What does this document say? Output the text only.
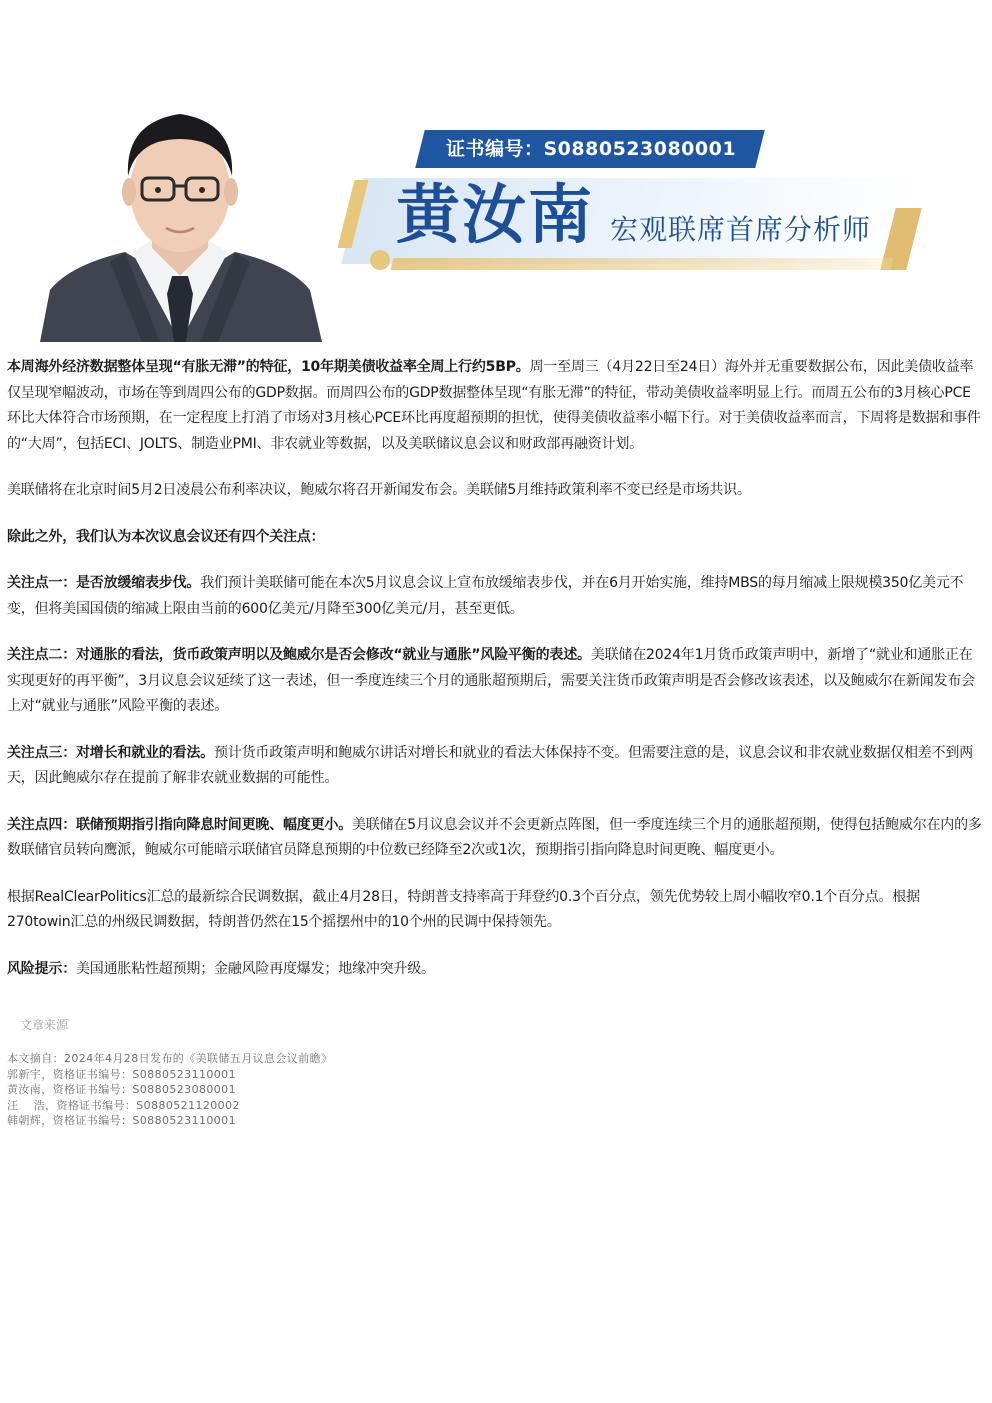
证书编号：S0880523080001
黄汝南 宏观联席首席分析师

本周海外经济数据整体呈现“有胀无滞”的特征，10年期美债收益率全周上行约5BP。周一至周三（4月22日至24日）海外并无重要数据公布，因此美债收益率仅呈现窄幅波动，市场在等到周四公布的GDP数据。而周四公布的GDP数据整体呈现“有胀无滞”的特征，带动美债收益率明显上行。而周五公布的3月核心PCE环比大体符合市场预期，在一定程度上打消了市场对3月核心PCE环比再度超预期的担忧，使得美债收益率小幅下行。对于美债收益率而言，下周将是数据和事件的“大周”，包括ECI、JOLTS、制造业PMI、非农就业等数据，以及美联储议息会议和财政部再融资计划。

美联储将在北京时间5月2日凌晨公布利率决议，鲍威尔将召开新闻发布会。美联储5月维持政策利率不变已经是市场共识。

除此之外，我们认为本次议息会议还有四个关注点：

关注点一：是否放缓缩表步伐。我们预计美联储可能在本次5月议息会议上宣布放缓缩表步伐，并在6月开始实施，维持MBS的每月缩减上限规模350亿美元不变，但将美国国债的缩减上限由当前的600亿美元/月降至300亿美元/月，甚至更低。

关注点二：对通胀的看法，货币政策声明以及鲍威尔是否会修改“就业与通胀”风险平衡的表述。美联储在2024年1月货币政策声明中，新增了“就业和通胀正在实现更好的再平衡”，3月议息会议延续了这一表述，但一季度连续三个月的通胀超预期后，需要关注货币政策声明是否会修改该表述，以及鲍威尔在新闻发布会上对“就业与通胀”风险平衡的表述。

关注点三：对增长和就业的看法。预计货币政策声明和鲍威尔讲话对增长和就业的看法大体保持不变。但需要注意的是，议息会议和非农就业数据仅相差不到两天，因此鲍威尔存在提前了解非农就业数据的可能性。

关注点四：联储预期指引指向降息时间更晚、幅度更小。美联储在5月议息会议并不会更新点阵图，但一季度连续三个月的通胀超预期，使得包括鲍威尔在内的多数联储官员转向鹰派，鲍威尔可能暗示联储官员降息预期的中位数已经降至2次或1次，预期指引指向降息时间更晚、幅度更小。

根据RealClearPolitics汇总的最新综合民调数据，截止4月28日，特朗普支持率高于拜登约0.3个百分点，领先优势较上周小幅收窄0.1个百分点。根据270towin汇总的州级民调数据，特朗普仍然在15个摇摆州中的10个州的民调中保持领先。

风险提示：美国通胀粘性超预期；金融风险再度爆发；地缘冲突升级。

文章来源
本文摘自：2024年4月28日发布的《美联储五月议息会议前瞻》
郭新宇，资格证书编号：S0880523110001
黄汝南，资格证书编号：S0880523080001
汪　 浩，资格证书编号：S0880521120002
韩朝辉，资格证书编号：S0880523110001
